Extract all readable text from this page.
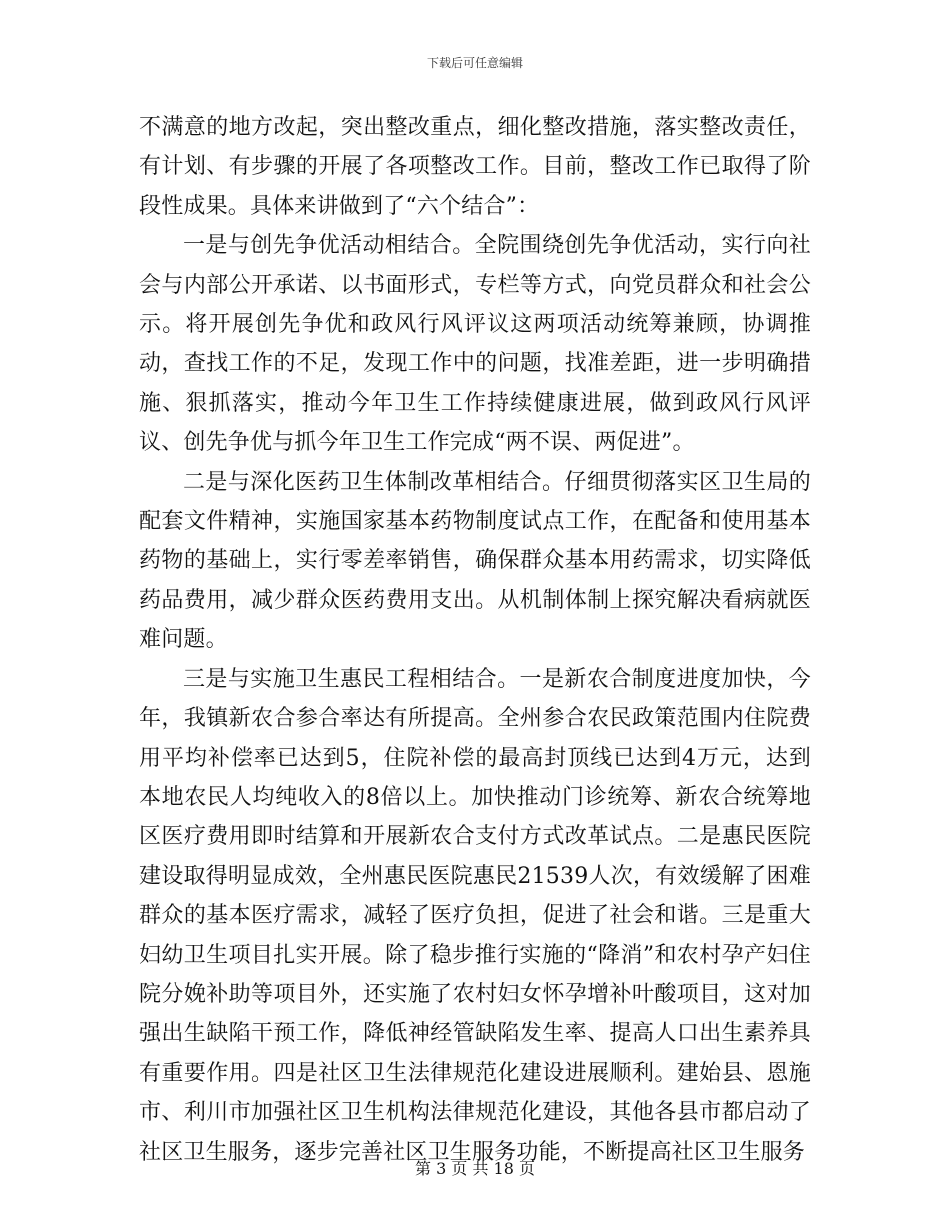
下载后可任意编辑

不满意的地方改起，突出整改重点，细化整改措施，落实整改责任，有计划、有步骤的开展了各项整改工作。目前，整改工作已取得了阶段性成果。具体来讲做到了“六个结合”：

一是与创先争优活动相结合。全院围绕创先争优活动，实行向社会与内部公开承诺、以书面形式，专栏等方式，向党员群众和社会公示。将开展创先争优和政风行风评议这两项活动统筹兼顾，协调推动，查找工作的不足，发现工作中的问题，找准差距，进一步明确措施、狠抓落实，推动今年卫生工作持续健康进展，做到政风行风评议、创先争优与抓今年卫生工作完成“两不误、两促进”。

二是与深化医药卫生体制改革相结合。仔细贯彻落实区卫生局的配套文件精神，实施国家基本药物制度试点工作，在配备和使用基本药物的基础上，实行零差率销售，确保群众基本用药需求，切实降低药品费用，减少群众医药费用支出。从机制体制上探究解决看病就医难问题。

三是与实施卫生惠民工程相结合。一是新农合制度进度加快，今年，我镇新农合参合率达有所提高。全州参合农民政策范围内住院费用平均补偿率已达到5，住院补偿的最高封顶线已达到4万元，达到本地农民人均纯收入的8倍以上。加快推动门诊统筹、新农合统筹地区医疗费用即时结算和开展新农合支付方式改革试点。二是惠民医院建设取得明显成效，全州惠民医院惠民21539人次，有效缓解了困难群众的基本医疗需求，减轻了医疗负担，促进了社会和谐。三是重大妇幼卫生项目扎实开展。除了稳步推行实施的“降消”和农村孕产妇住院分娩补助等项目外，还实施了农村妇女怀孕增补叶酸项目，这对加强出生缺陷干预工作，降低神经管缺陷发生率、提高人口出生素养具有重要作用。四是社区卫生法律规范化建设进展顺利。建始县、恩施市、利川市加强社区卫生机构法律规范化建设，其他各县市都启动了社区卫生服务，逐步完善社区卫生服务功能，不断提高社区卫生服务

第 3 页 共 18 页
